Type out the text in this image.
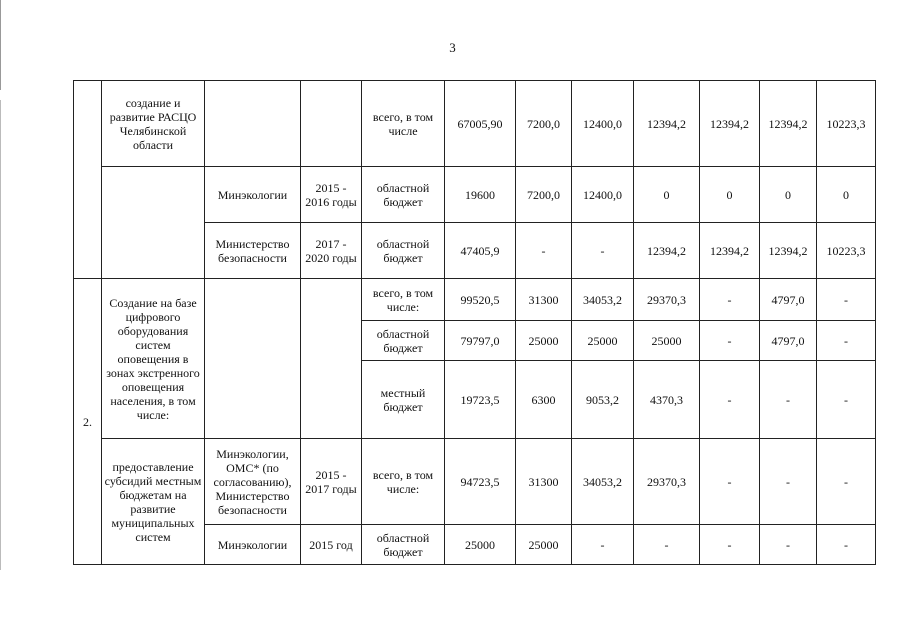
3
	создание и развитие РАСЦО Челябинской области			всего, в том числе	67005,90	7200,0	12400,0	12394,2	12394,2	12394,2	10223,3
		Минэкологии	2015 - 2016 годы	областной бюджет	19600	7200,0	12400,0	0	0	0	0
		Министерство безопасности	2017 - 2020 годы	областной бюджет	47405,9	-	-	12394,2	12394,2	12394,2	10223,3
2.	Создание на базе цифрового оборудования систем оповещения в зонах экстренного оповещения населения, в том числе:			всего, в том числе:	99520,5	31300	34053,2	29370,3	-	4797,0	-
				областной бюджет	79797,0	25000	25000	25000	-	4797,0	-
				местный бюджет	19723,5	6300	9053,2	4370,3	-	-	-
	предоставление субсидий местным бюджетам на развитие муниципальных систем	Минэкологии, ОМС* (по согласованию), Министерство безопасности	2015 - 2017 годы	всего, в том числе:	94723,5	31300	34053,2	29370,3	-	-	-
		Минэкологии	2015 год	областной бюджет	25000	25000	-	-	-	-	-
